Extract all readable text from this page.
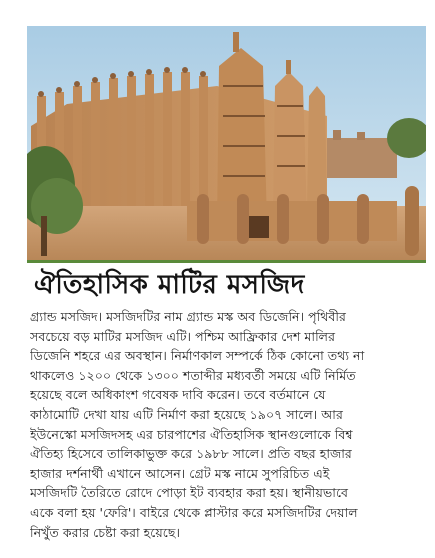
ঐতিহাসিক মাটির মসজিদ
গ্র্যান্ড মসজিদ। মসজিদটির নাম গ্র্যান্ড মস্ক অব ডিজেনি। পৃথিবীর
সবচেয়ে বড় মাটির মসজিদ এটি। পশ্চিম আফ্রিকার দেশ মালির
ডিজেনি শহরে এর অবস্থান। নির্মাণকাল সম্পর্কে ঠিক কোনো তথ্য না
থাকলেও ১২০০ থেকে ১৩০০ শতাব্দীর মধ্যবর্তী সময়ে এটি নির্মিত
হয়েছে বলে অধিকাংশ গবেষক দাবি করেন। তবে বর্তমানে যে
কাঠামোটি দেখা যায় এটি নির্মাণ করা হয়েছে ১৯০৭ সালে। আর
ইউনেস্কো মসজিদসহ এর চারপাশের ঐতিহাসিক স্থানগুলোকে বিশ্ব
ঐতিহ্য হিসেবে তালিকাভুক্ত করে ১৯৮৮ সালে। প্রতি বছর হাজার
হাজার দর্শনার্থী এখানে আসেন। গ্রেট মস্ক নামে সুপরিচিত এই
মসজিদটি তৈরিতে রোদে পোড়া ইট ব্যবহার করা হয়। স্থানীয়ভাবে
একে বলা হয় 'ফেরি'। বাইরে থেকে প্লাস্টার করে মসজিদটির দেয়াল
নিখুঁত করার চেষ্টা করা হয়েছে।
